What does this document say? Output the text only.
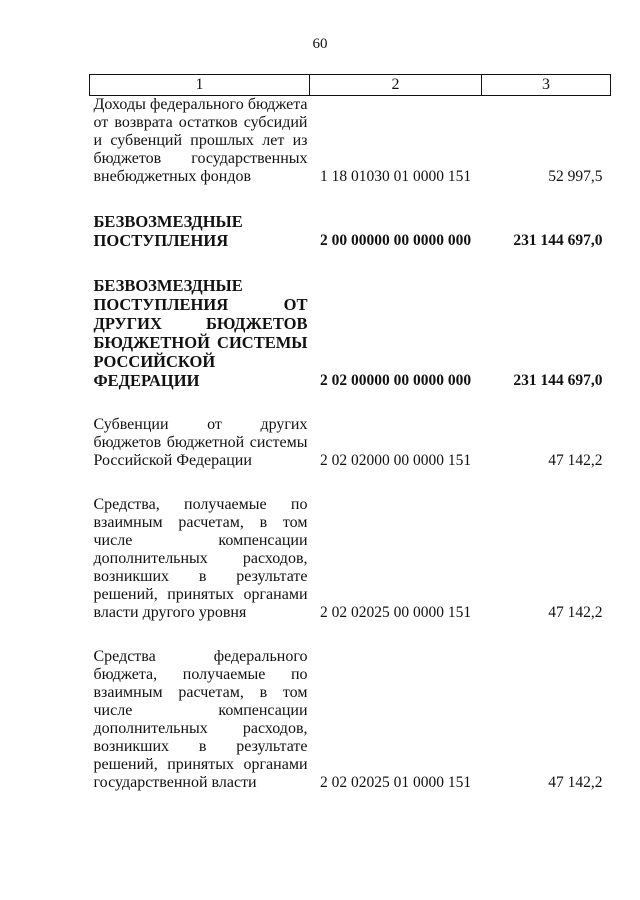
60
1	2	3
Доходы федерального бюджета от возврата остатков субсидий и субвенций прошлых лет из бюджетов государственных внебюджетных фондов	1 18 01030 01 0000 151	52 997,5

БЕЗВОЗМЕЗДНЫЕ ПОСТУПЛЕНИЯ	2 00 00000 00 0000 000	231 144 697,0

БЕЗВОЗМЕЗДНЫЕ ПОСТУПЛЕНИЯ ОТ ДРУГИХ БЮДЖЕТОВ БЮДЖЕТНОЙ СИСТЕМЫ РОССИЙСКОЙ ФЕДЕРАЦИИ	2 02 00000 00 0000 000	231 144 697,0

Субвенции от других бюджетов бюджетной системы Российской Федерации	2 02 02000 00 0000 151	47 142,2

Средства, получаемые по взаимным расчетам, в том числе компенсации дополнительных расходов, возникших в результате решений, принятых органами власти другого уровня	2 02 02025 00 0000 151	47 142,2

Средства федерального бюджета, получаемые по взаимным расчетам, в том числе компенсации дополнительных расходов, возникших в результате решений, принятых органами государственной власти	2 02 02025 01 0000 151	47 142,2
